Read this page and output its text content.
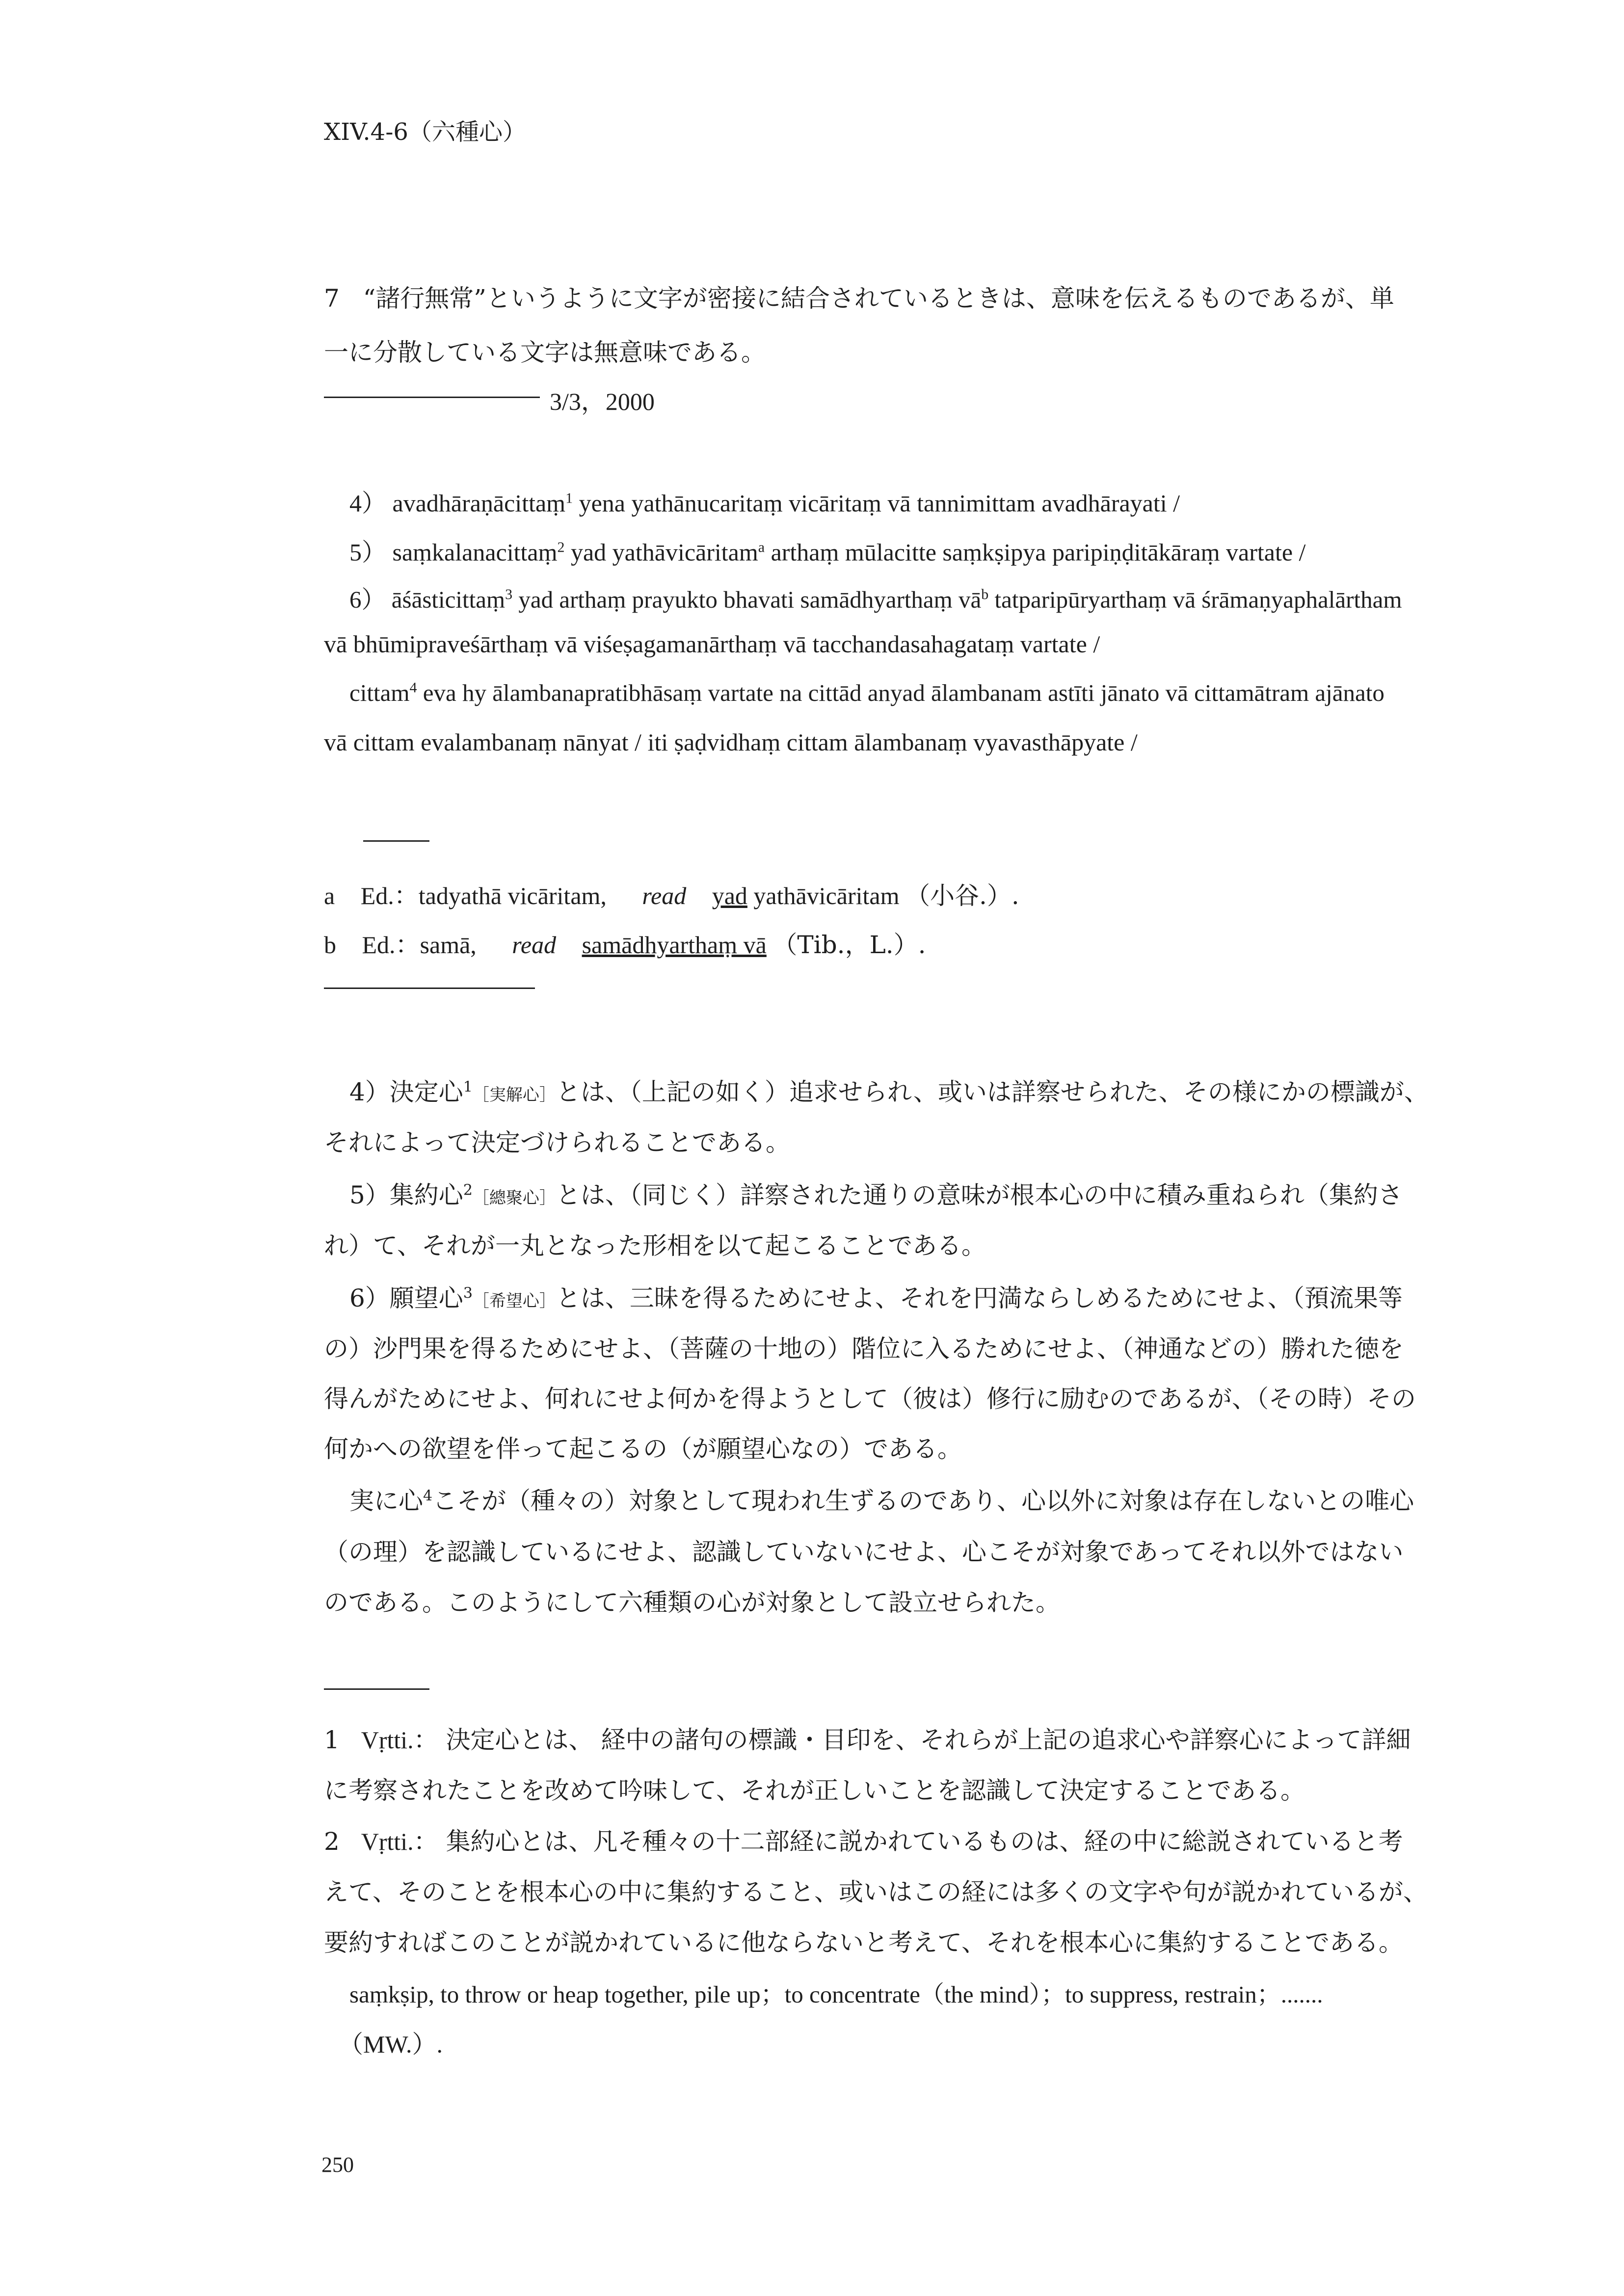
XIV.4-6（六種心）
7 “諸行無常”というように文字が密接に結合されているときは、意味を伝えるものであるが、単
一に分散している文字は無意味である。
3/3，2000
4） avadhāraṇācittaṃ$^1$ yena yathānucaritaṃ vicāritaṃ vā tannimittam avadhārayati /
5） saṃkalanacittaṃ$^2$ yad yathāvicāritam$^a$ arthaṃ mūlacitte saṃkṣipya paripiṇḍitākāraṃ vartate /
6） āśāsticittaṃ$^3$ yad arthaṃ prayukto bhavati samādhyarthaṃ $vā^b$ tatparipūryarthaṃ vā śrāmaṇyaphalārtham
vā bhūmipraveśārthaṃ vā viśeṣagamanārthaṃ vā tacchandasahagataṃ vartate /
cittam$^4$ eva hy ālambanapratibhāsaṃ vartate na cittād anyad ālambanam astīti jānato vā cittamātram ajānato
vā cittam evalambanaṃ nānyat / iti ṣaḍvidhaṃ cittam ālambanaṃ vyavasthāpyate /
a Ed.：tadyathā vicāritam, read yad yathāvicāritam （小谷.）.
b Ed.：samā, read samādhyarthaṃ vā （Tib.，L.）.
4）決定心$^1$［実解心］とは、（上記の如く）追求せられ、或いは詳察せられた、その様にかの標識が、
それによって決定づけられることである。
5）集約心$^2$［總聚心］とは、（同じく）詳察された通りの意味が根本心の中に積み重ねられ（集約さ
れ）て、それが一丸となった形相を以て起こることである。
6）願望心$^3$［希望心］とは、三昧を得るためにせよ、それを円満ならしめるためにせよ、（預流果等
の）沙門果を得るためにせよ、（菩薩の十地の）階位に入るためにせよ、（神通などの）勝れた徳を
得んがためにせよ、何れにせよ何かを得ようとして（彼は）修行に励むのであるが、（その時）その
何かへの欲望を伴って起こるの（が願望心なの）である。
実に心$^4$こそが（種々の）対象として現われ生ずるのであり、心以外に対象は存在しないとの唯心
（の理）を認識しているにせよ、認識していないにせよ、心こそが対象であってそれ以外ではない
のである。このようにして六種類の心が対象として設立せられた。
1 Vṛtti.： 決定心とは、 経中の諸句の標識・目印を、それらが上記の追求心や詳察心によって詳細
に考察されたことを改めて吟味して、それが正しいことを認識して決定することである。
2 Vṛtti.： 集約心とは、凡そ種々の十二部経に説かれているものは、経の中に総説されていると考
えて、そのことを根本心の中に集約すること、或いはこの経には多くの文字や句が説かれているが、
要約すればこのことが説かれているに他ならないと考えて、それを根本心に集約することである。
saṃkṣip, to throw or heap together, pile up；to concentrate（the mind）；to suppress, restrain；.......
（MW.）.
250
